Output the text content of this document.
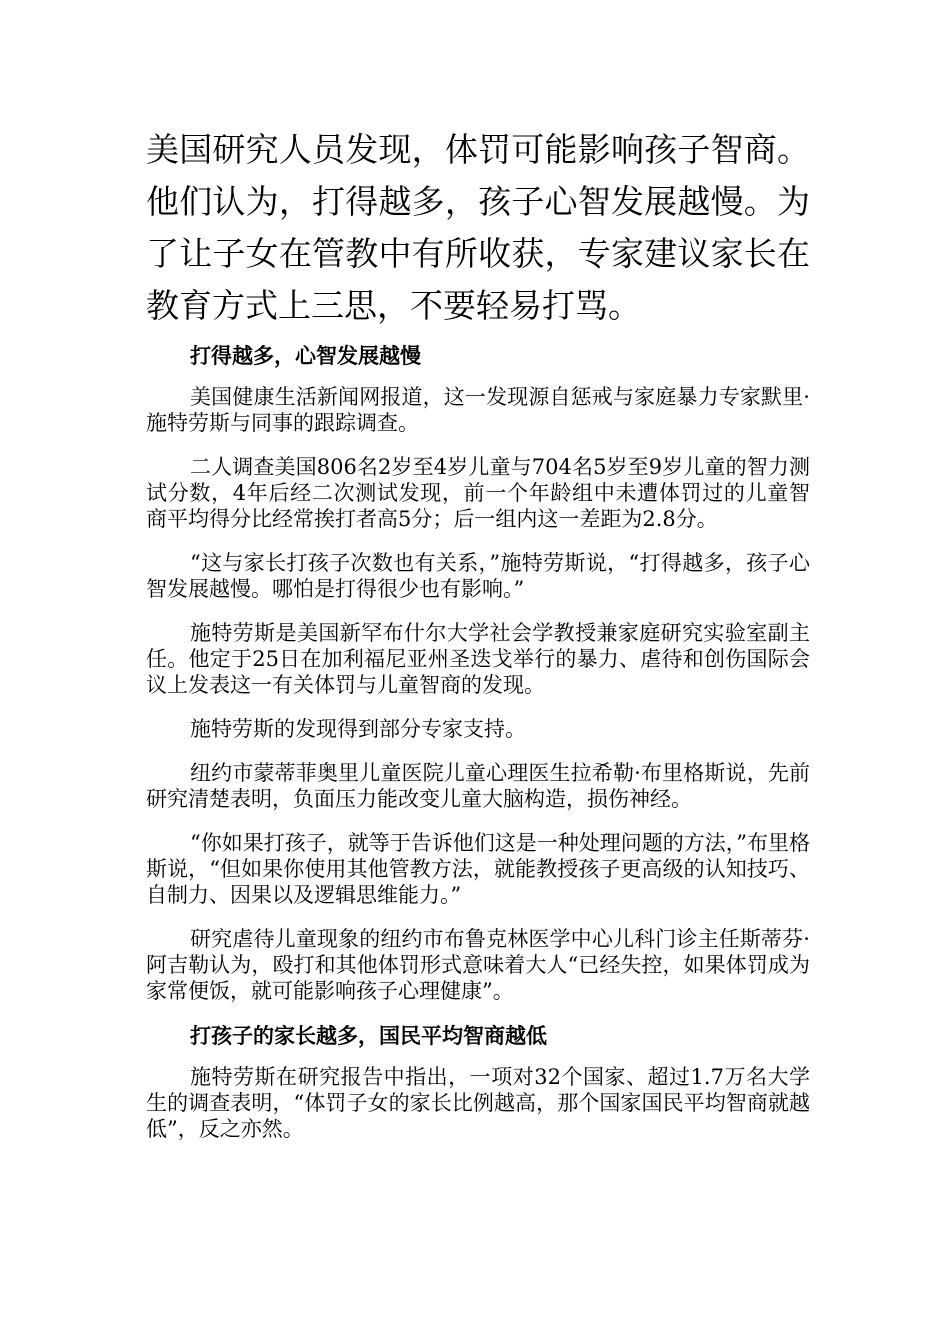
美国研究人员发现，体罚可能影响孩子智商。他们认为，打得越多，孩子心智发展越慢。为了让子女在管教中有所收获，专家建议家长在教育方式上三思，不要轻易打骂。

打得越多，心智发展越慢

美国健康生活新闻网报道，这一发现源自惩戒与家庭暴力专家默里·施特劳斯与同事的跟踪调查。

二人调查美国806名2岁至4岁儿童与704名5岁至9岁儿童的智力测试分数，4年后经二次测试发现，前一个年龄组中未遭体罚过的儿童智商平均得分比经常挨打者高5分；后一组内这一差距为2.8分。

“这与家长打孩子次数也有关系，”施特劳斯说，“打得越多，孩子心智发展越慢。哪怕是打得很少也有影响。”

施特劳斯是美国新罕布什尔大学社会学教授兼家庭研究实验室副主任。他定于25日在加利福尼亚州圣迭戈举行的暴力、虐待和创伤国际会议上发表这一有关体罚与儿童智商的发现。

施特劳斯的发现得到部分专家支持。

纽约市蒙蒂菲奥里儿童医院儿童心理医生拉希勒·布里格斯说，先前研究清楚表明，负面压力能改变儿童大脑构造，损伤神经。

“你如果打孩子，就等于告诉他们这是一种处理问题的方法，”布里格斯说，“但如果你使用其他管教方法，就能教授孩子更高级的认知技巧、自制力、因果以及逻辑思维能力。”

研究虐待儿童现象的纽约市布鲁克林医学中心儿科门诊主任斯蒂芬·阿吉勒认为，殴打和其他体罚形式意味着大人“已经失控，如果体罚成为家常便饭，就可能影响孩子心理健康”。

打孩子的家长越多，国民平均智商越低

施特劳斯在研究报告中指出，一项对32个国家、超过1.7万名大学生的调查表明，“体罚子女的家长比例越高，那个国家国民平均智商就越低”，反之亦然。
